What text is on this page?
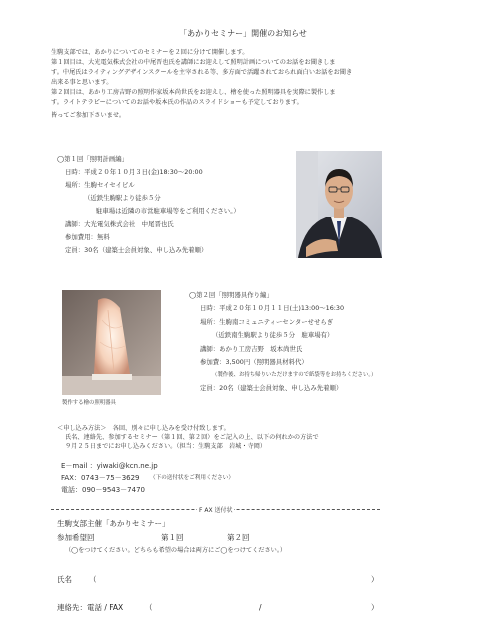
「あかりセミナー」開催のお知らせ
生駒支部では、あかりについてのセミナーを２回に分けて開催します。
第１回目は、大光電気株式会社の中尾晋也氏を講師にお迎えして照明計画についてのお話をお聞きしま
す。中尾氏はライティングデザインスクールを主宰される等、多方面で活躍されておられ面白いお話をお聞き
出来る事と思います。
第２回目は、あかり工房吉野の照明作家坂本尚世氏をお迎えし、檜を使った照明器具を実際に製作しま
す。ライトテラピーについてのお話や坂本氏の作品のスライドショーも予定しております。
皆ってご参加下さいませ。
◯第１回「照明計画編」
日時：平成２０年１０月３日(金)18:30〜20:00
場所：生駒セイセイビル
（近鉄生駒駅より徒歩５分
駐車場は近隣の市営駐車場等をご利用ください。）
講師：大光電気株式会社　中尾晋也氏
参加費用：無料
定員：30名（建築士会員対象、申し込み先着順）
製作する檜の照明器具
◯第２回「照明器具作り編」
日時：平成２０年１０月１１日(土)13:00〜16:30
場所：生駒南コミュニティーセンターせせらぎ
（近鉄南生駒駅より徒歩５分　駐車場有）
講師：あかり工房吉野　坂本尚世氏
参加費：3,500円（照明器具材料代）
（製作後、お持ち帰りいただけますので紙袋等をお持ちください。）
定員：20名（建築士会員対象、申し込み先着順）
＜申し込み方法＞　各回、別々に申し込みを受け付致します。
氏名、連絡先、参加するセミナー（第１回、第２回）をご記入の上、以下の何れかの方法で
９月２５日までにお申し込みください。（担当：生駒支部　岩城・寺岡）
E－mail ：yiwaki@kcn.ne.jp
FAX：0743－75－3629 （下の送付状をご利用ください）
電話：090－9543－7470
F AX 送付状
生駒支部主催「あかりセミナー」
参加希望回	第１回	第２回
（◯をつけてください。どちらも希望の場合は両方にご◯をつけてください。）
氏名 （	）
連絡先：電話 / FAX	（	/	）
